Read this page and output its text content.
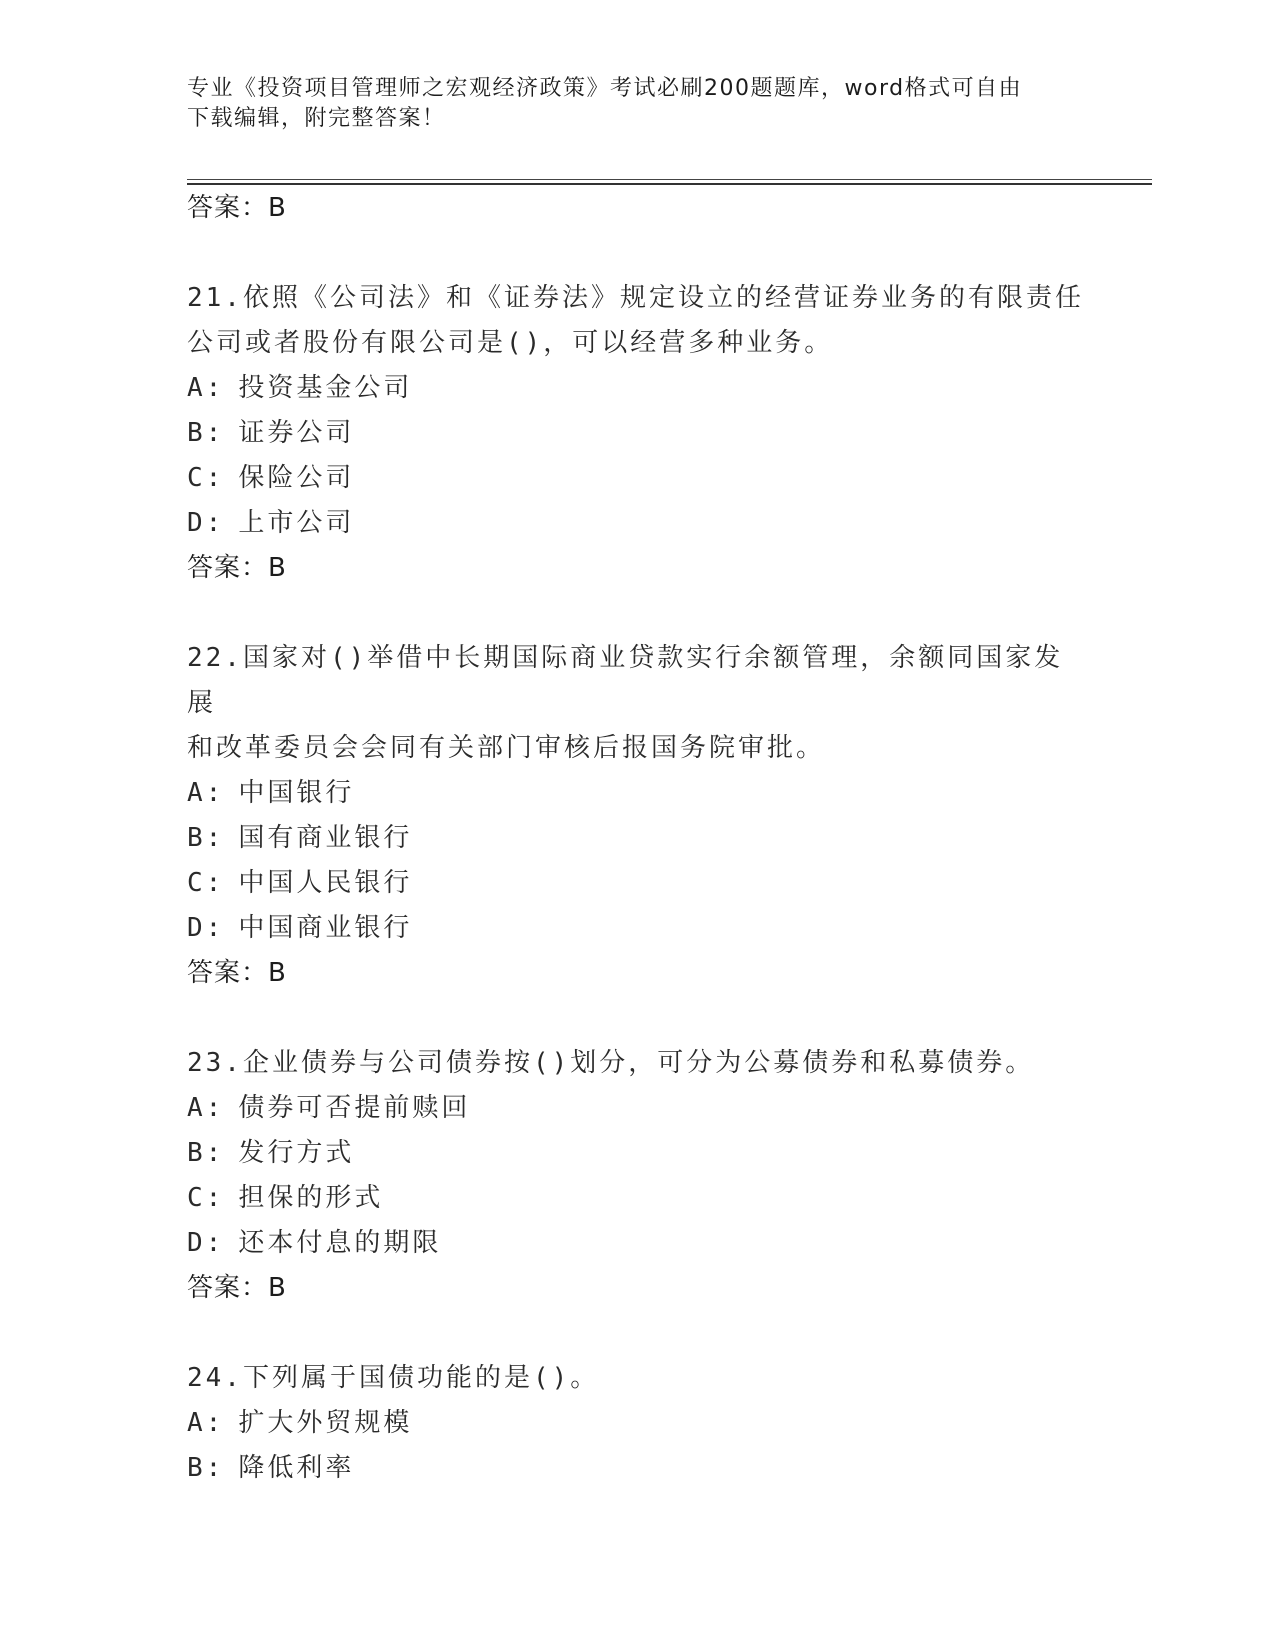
专业《投资项目管理师之宏观经济政策》考试必刷200题题库，word格式可自由
下载编辑，附完整答案！
答案：B
21.依照《公司法》和《证券法》规定设立的经营证券业务的有限责任
公司或者股份有限公司是()，可以经营多种业务。
A: 投资基金公司
B: 证券公司
C: 保险公司
D: 上市公司
答案：B
22.国家对()举借中长期国际商业贷款实行余额管理，余额同国家发展
和改革委员会会同有关部门审核后报国务院审批。
A: 中国银行
B: 国有商业银行
C: 中国人民银行
D: 中国商业银行
答案：B
23.企业债券与公司债券按()划分，可分为公募债券和私募债券。
A: 债券可否提前赎回
B: 发行方式
C: 担保的形式
D: 还本付息的期限
答案：B
24.下列属于国债功能的是()。
A: 扩大外贸规模
B: 降低利率
